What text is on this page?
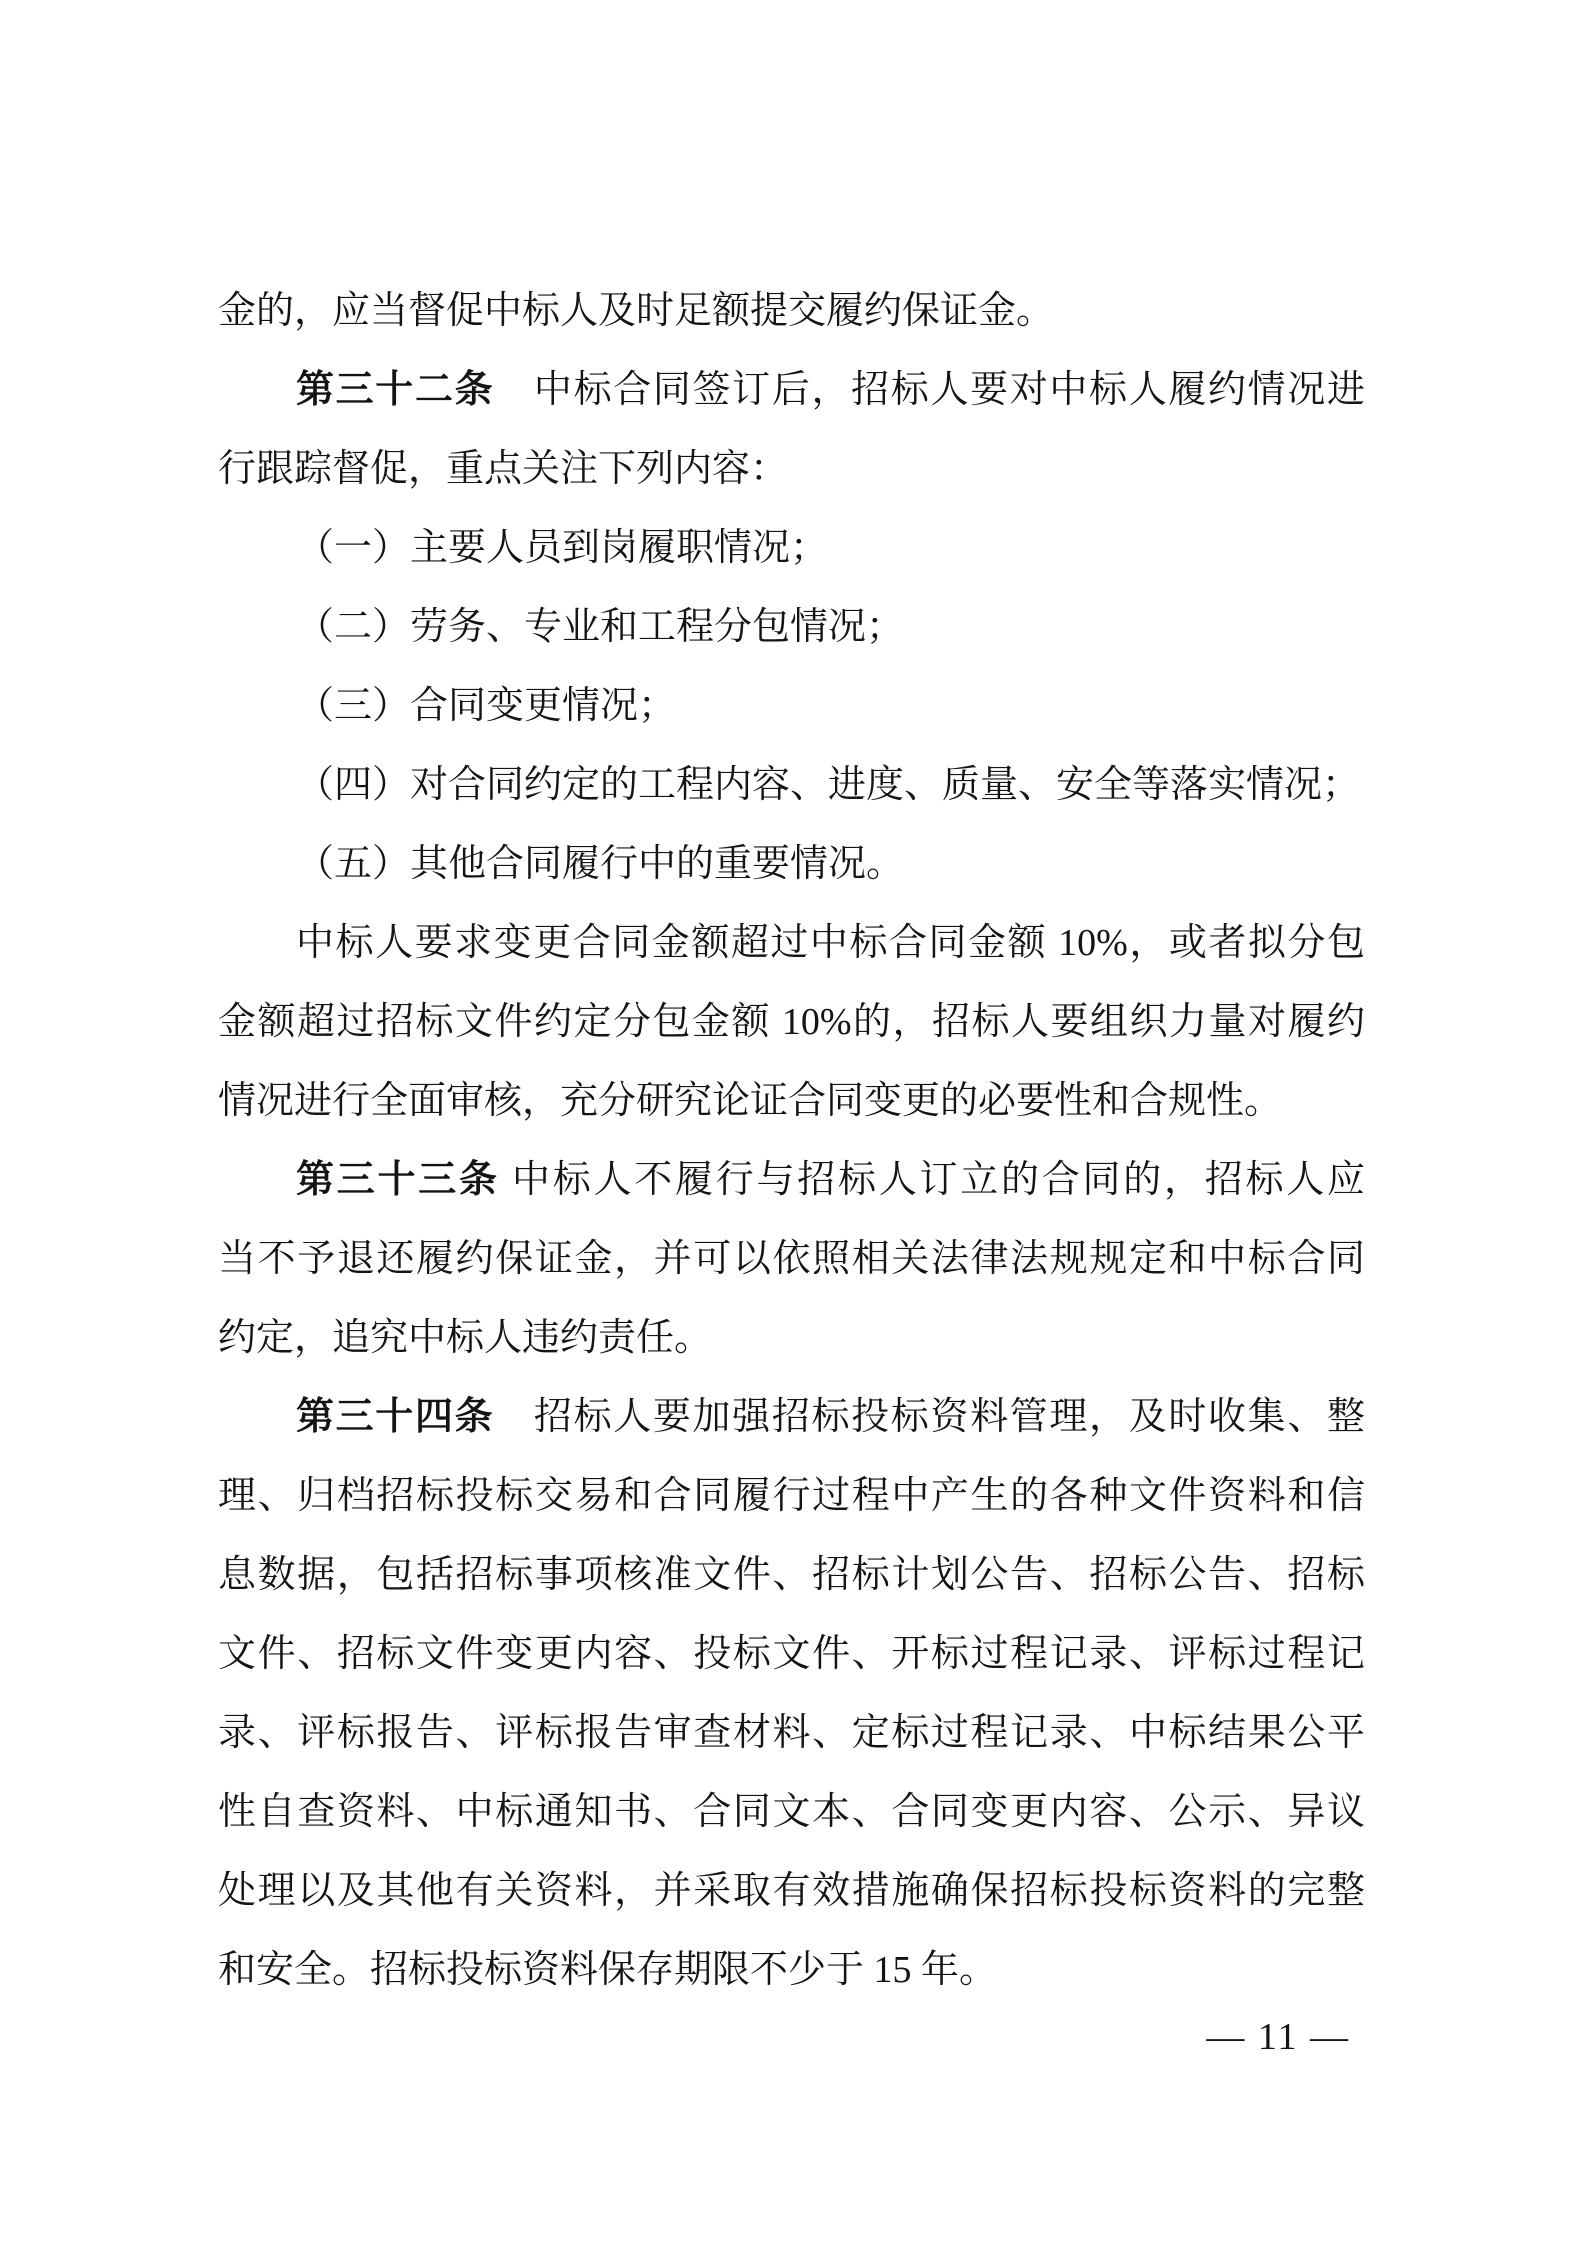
金的，应当督促中标人及时足额提交履约保证金。

第三十二条　中标合同签订后，招标人要对中标人履约情况进

行跟踪督促，重点关注下列内容：

（一）主要人员到岗履职情况；

（二）劳务、专业和工程分包情况；

（三）合同变更情况；

（四）对合同约定的工程内容、进度、质量、安全等落实情况；

（五）其他合同履行中的重要情况。

中标人要求变更合同金额超过中标合同金额 10%，或者拟分包

金额超过招标文件约定分包金额 10%的，招标人要组织力量对履约

情况进行全面审核，充分研究论证合同变更的必要性和合规性。

第三十三条 中标人不履行与招标人订立的合同的，招标人应

当不予退还履约保证金，并可以依照相关法律法规规定和中标合同

约定，追究中标人违约责任。

第三十四条　招标人要加强招标投标资料管理，及时收集、整

理、归档招标投标交易和合同履行过程中产生的各种文件资料和信

息数据，包括招标事项核准文件、招标计划公告、招标公告、招标

文件、招标文件变更内容、投标文件、开标过程记录、评标过程记

录、评标报告、评标报告审查材料、定标过程记录、中标结果公平

性自查资料、中标通知书、合同文本、合同变更内容、公示、异议

处理以及其他有关资料，并采取有效措施确保招标投标资料的完整

和安全。招标投标资料保存期限不少于 15 年。

— 11 —
